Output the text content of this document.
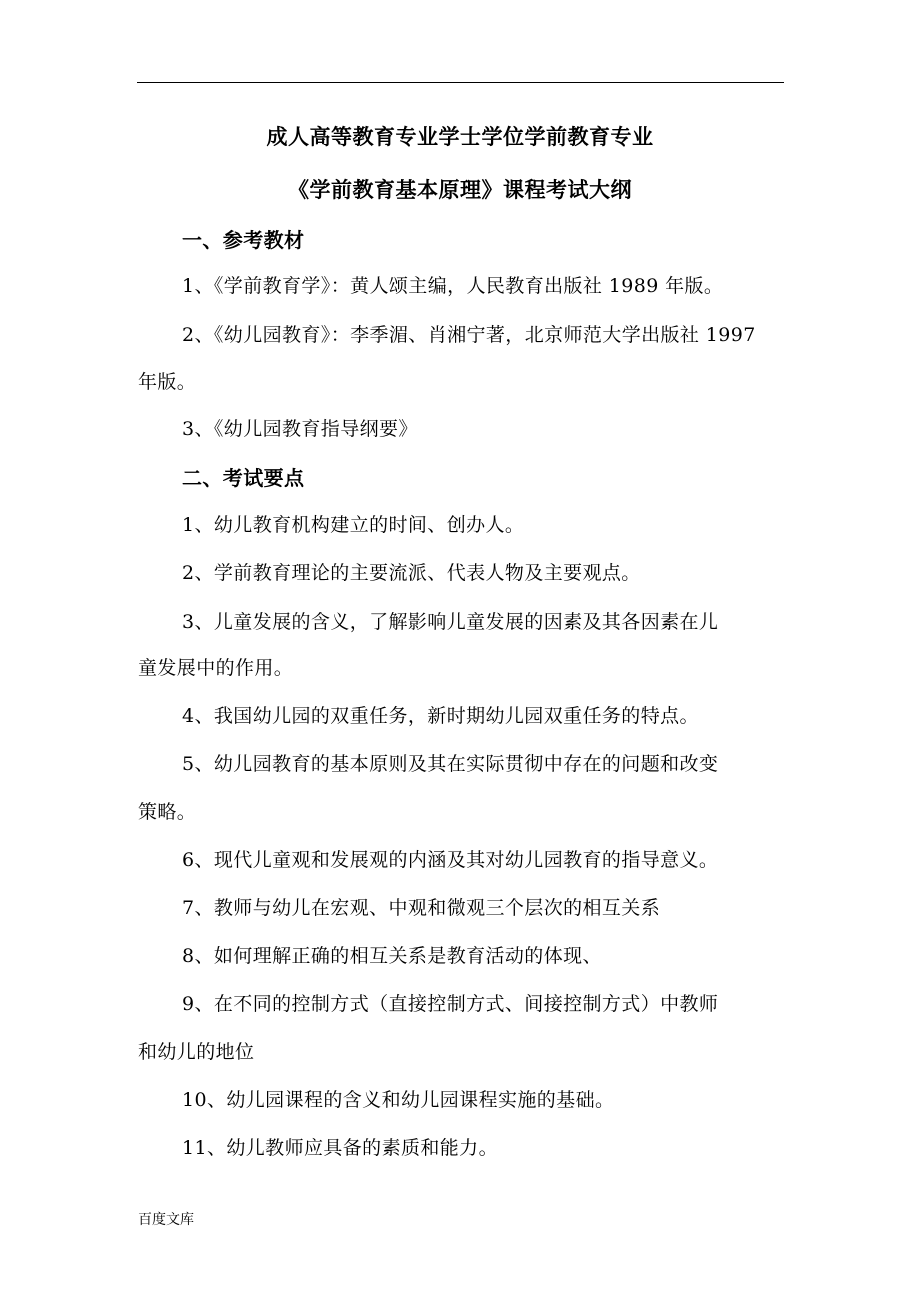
成人高等教育专业学士学位学前教育专业
《学前教育基本原理》课程考试大纲
一、参考教材
1、《学前教育学》：黄人颂主编，人民教育出版社 1989 年版。
2、《幼儿园教育》：李季湄、肖湘宁著，北京师范大学出版社 1997
年版。
3、《幼儿园教育指导纲要》
二、考试要点
1、幼儿教育机构建立的时间、创办人。
2、学前教育理论的主要流派、代表人物及主要观点。
3、儿童发展的含义，了解影响儿童发展的因素及其各因素在儿
童发展中的作用。
4、我国幼儿园的双重任务，新时期幼儿园双重任务的特点。
5、幼儿园教育的基本原则及其在实际贯彻中存在的问题和改变
策略。
6、现代儿童观和发展观的内涵及其对幼儿园教育的指导意义。
7、教师与幼儿在宏观、中观和微观三个层次的相互关系
8、如何理解正确的相互关系是教育活动的体现、
9、在不同的控制方式（直接控制方式、间接控制方式）中教师
和幼儿的地位
10、幼儿园课程的含义和幼儿园课程实施的基础。
11、幼儿教师应具备的素质和能力。
百度文库
